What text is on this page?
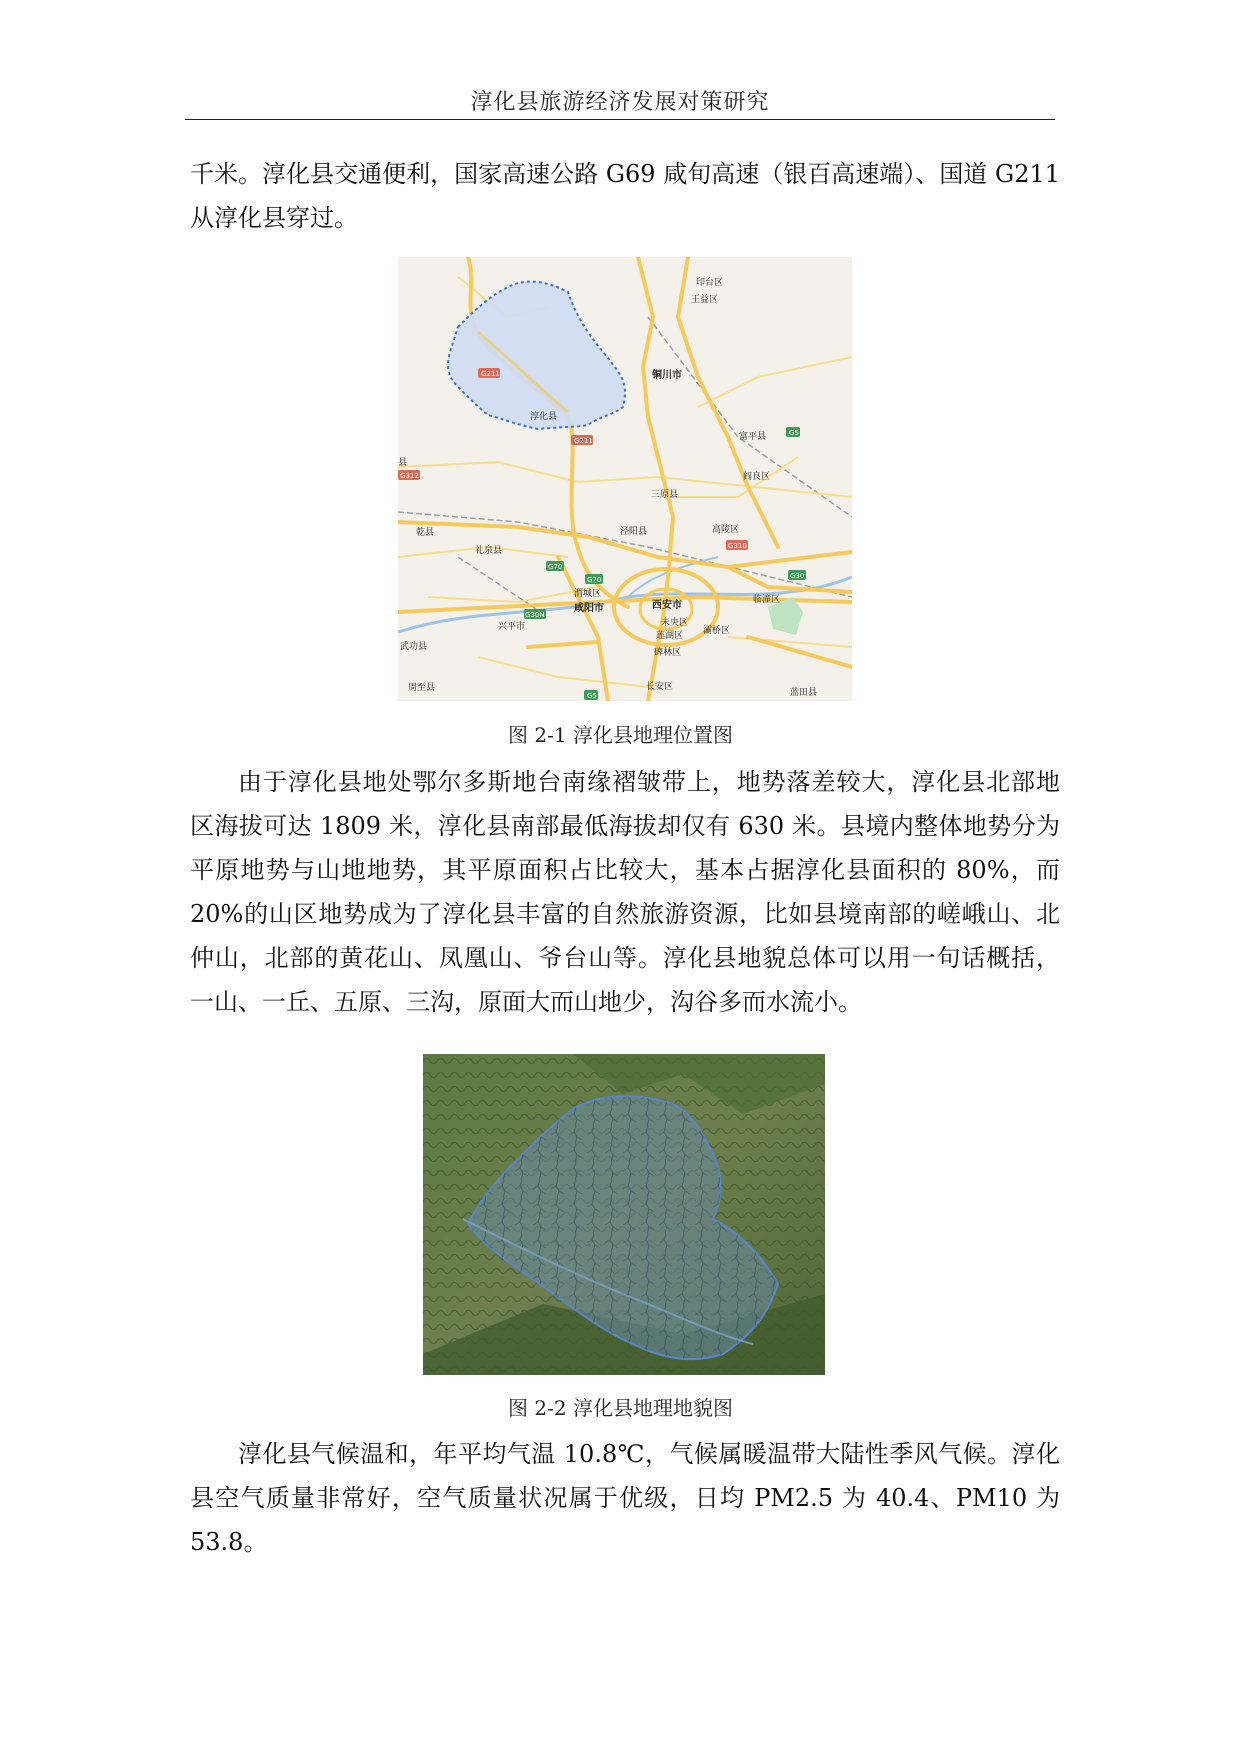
淳化县旅游经济发展对策研究
千米。淳化县交通便利，国家高速公路 G69 咸旬高速（银百高速端）、国道 G211
从淳化县穿过。
印台区
王益区
铜川市
淳化县
富平县
阎良区
三原县
泾阳县	高陵区
乾县
礼泉县
渭城区
咸阳市	西安市
未央区
莲湖区 灞桥区
碑林区
临潼区
兴平市
武功县
长安区
周至县	蓝田县
县
G211
G211
G312
G5
G70
G70
G310
G30
G30N
G5
图 2-1 淳化县地理位置图
由于淳化县地处鄂尔多斯地台南缘褶皱带上，地势落差较大，淳化县北部地
区海拔可达 1809 米，淳化县南部最低海拔却仅有 630 米。县境内整体地势分为
平原地势与山地地势，其平原面积占比较大，基本占据淳化县面积的 80%，而
20%的山区地势成为了淳化县丰富的自然旅游资源，比如县境南部的嵯峨山、北
仲山，北部的黄花山、凤凰山、爷台山等。淳化县地貌总体可以用一句话概括，
一山、一丘、五原、三沟，原面大而山地少，沟谷多而水流小。
图 2-2 淳化县地理地貌图
淳化县气候温和，年平均气温 10.8℃，气候属暖温带大陆性季风气候。淳化
县空气质量非常好，空气质量状况属于优级，日均 PM2.5 为 40.4、PM10 为
53.8。
